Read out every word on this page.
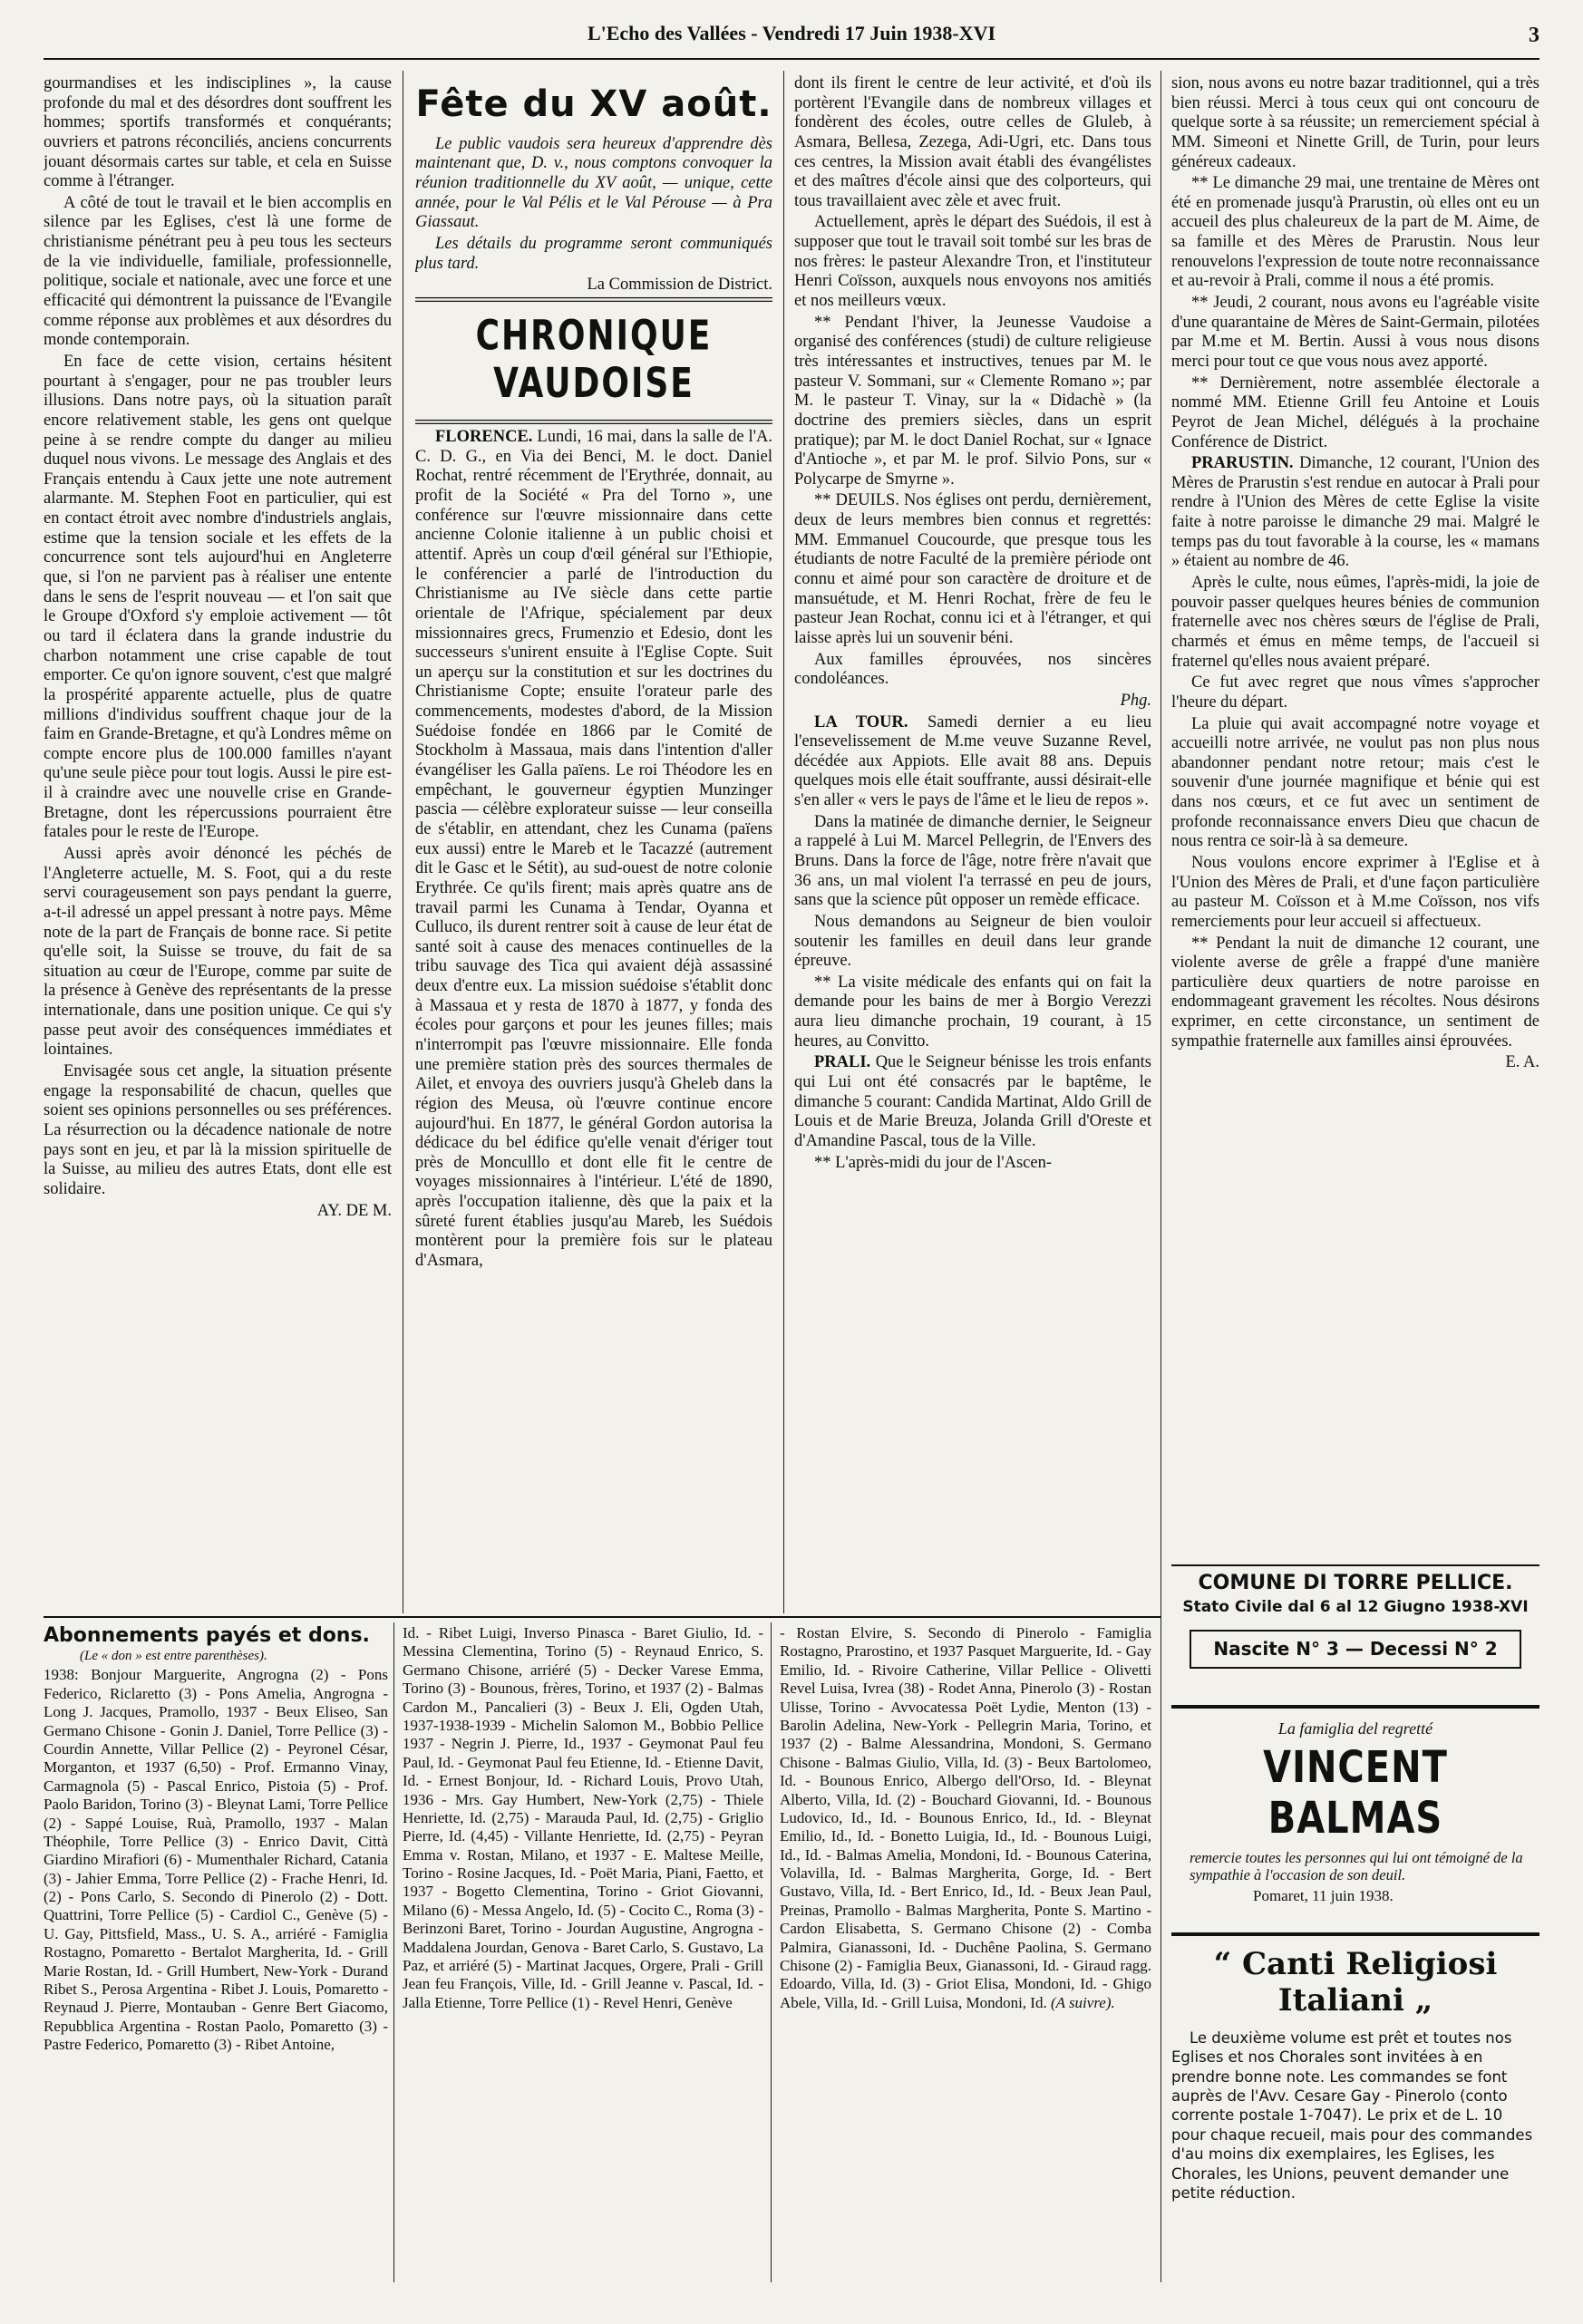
L'Echo des Vallées - Vendredi 17 Juin 1938-XVI	3

gourmandises et les indisciplines », la cause profonde du mal et des désordres dont souffrent les hommes; sportifs transformés et conquérants; ouvriers et patrons réconciliés, anciens concurrents jouant désormais cartes sur table, et cela en Suisse comme à l'étranger.

A côté de tout le travail et le bien accomplis en silence par les Eglises, c'est là une forme de christianisme pénétrant peu à peu tous les secteurs de la vie individuelle, familiale, professionnelle, politique, sociale et nationale, avec une force et une efficacité qui démontrent la puissance de l'Evangile comme réponse aux problèmes et aux désordres du monde contemporain.

En face de cette vision, certains hésitent pourtant à s'engager, pour ne pas troubler leurs illusions. Dans notre pays, où la situation paraît encore relativement stable, les gens ont quelque peine à se rendre compte du danger au milieu duquel nous vivons. Le message des Anglais et des Français entendu à Caux jette une note autrement alarmante. M. Stephen Foot en particulier, qui est en contact étroit avec nombre d'industriels anglais, estime que la tension sociale et les effets de la concurrence sont tels aujourd'hui en Angleterre que, si l'on ne parvient pas à réaliser une entente dans le sens de l'esprit nouveau — et l'on sait que le Groupe d'Oxford s'y emploie activement — tôt ou tard il éclatera dans la grande industrie du charbon notamment une crise capable de tout emporter. Ce qu'on ignore souvent, c'est que malgré la prospérité apparente actuelle, plus de quatre millions d'individus souffrent chaque jour de la faim en Grande-Bretagne, et qu'à Londres même on compte encore plus de 100.000 familles n'ayant qu'une seule pièce pour tout logis. Aussi le pire est-il à craindre avec une nouvelle crise en Grande-Bretagne, dont les répercussions pourraient être fatales pour le reste de l'Europe.

Aussi après avoir dénoncé les péchés de l'Angleterre actuelle, M. S. Foot, qui a du reste servi courageusement son pays pendant la guerre, a-t-il adressé un appel pressant à notre pays. Même note de la part de Français de bonne race. Si petite qu'elle soit, la Suisse se trouve, du fait de sa situation au cœur de l'Europe, comme par suite de la présence à Genève des représentants de la presse internationale, dans une position unique. Ce qui s'y passe peut avoir des conséquences immédiates et lointaines.

Envisagée sous cet angle, la situation présente engage la responsabilité de chacun, quelles que soient ses opinions personnelles ou ses préférences. La résurrection ou la décadence nationale de notre pays sont en jeu, et par là la mission spirituelle de la Suisse, au milieu des autres Etats, dont elle est solidaire.

AY. DE M.

Fête du XV août.

Le public vaudois sera heureux d'apprendre dès maintenant que, D. v., nous comptons convoquer la réunion traditionnelle du XV août, — unique, cette année, pour le Val Pélis et le Val Pérouse — à Pra Giassaut.

Les détails du programme seront communiqués plus tard.

La Commission de District.

CHRONIQUE VAUDOISE

FLORENCE. Lundi, 16 mai, dans la salle de l'A. C. D. G., en Via dei Benci, M. le doct. Daniel Rochat, rentré récemment de l'Erythrée, donnait, au profit de la Société « Pra del Torno », une conférence sur l'œuvre missionnaire dans cette ancienne Colonie italienne à un public choisi et attentif. Après un coup d'œil général sur l'Ethiopie, le conférencier a parlé de l'introduction du Christianisme au IVe siècle dans cette partie orientale de l'Afrique, spécialement par deux missionnaires grecs, Frumenzio et Edesio, dont les successeurs s'unirent ensuite à l'Eglise Copte. Suit un aperçu sur la constitution et sur les doctrines du Christianisme Copte; ensuite l'orateur parle des commencements, modestes d'abord, de la Mission Suédoise fondée en 1866 par le Comité de Stockholm à Massaua, mais dans l'intention d'aller évangéliser les Galla païens. Le roi Théodore les en empêchant, le gouverneur égyptien Munzinger pascia — célèbre explorateur suisse — leur conseilla de s'établir, en attendant, chez les Cunama (païens eux aussi) entre le Mareb et le Tacazzé (autrement dit le Gasc et le Sétit), au sud-ouest de notre colonie Erythrée. Ce qu'ils firent; mais après quatre ans de travail parmi les Cunama à Tendar, Oyanna et Culluco, ils durent rentrer soit à cause de leur état de santé soit à cause des menaces continuelles de la tribu sauvage des Tica qui avaient déjà assassiné deux d'entre eux. La mission suédoise s'établit donc à Massaua et y resta de 1870 à 1877, y fonda des écoles pour garçons et pour les jeunes filles; mais n'interrompit pas l'œuvre missionnaire. Elle fonda une première station près des sources thermales de Ailet, et envoya des ouvriers jusqu'à Gheleb dans la région des Meusa, où l'œuvre continue encore aujourd'hui. En 1877, le général Gordon autorisa la dédicace du bel édifice qu'elle venait d'ériger tout près de Monculllo et dont elle fit le centre de voyages missionnaires à l'intérieur. L'été de 1890, après l'occupation italienne, dès que la paix et la sûreté furent établies jusqu'au Mareb, les Suédois montèrent pour la première fois sur le plateau d'Asmara,

dont ils firent le centre de leur activité, et d'où ils portèrent l'Evangile dans de nombreux villages et fondèrent des écoles, outre celles de Gluleb, à Asmara, Bellesa, Zezega, Adi-Ugri, etc. Dans tous ces centres, la Mission avait établi des évangélistes et des maîtres d'école ainsi que des colporteurs, qui tous travaillaient avec zèle et avec fruit.

Actuellement, après le départ des Suédois, il est à supposer que tout le travail soit tombé sur les bras de nos frères: le pasteur Alexandre Tron, et l'instituteur Henri Coïsson, auxquels nous envoyons nos amitiés et nos meilleurs vœux.

** Pendant l'hiver, la Jeunesse Vaudoise a organisé des conférences (studi) de culture religieuse très intéressantes et instructives, tenues par M. le pasteur V. Sommani, sur « Clemente Romano »; par M. le pasteur T. Vinay, sur la « Didachè » (la doctrine des premiers siècles, dans un esprit pratique); par M. le doct Daniel Rochat, sur « Ignace d'Antioche », et par M. le prof. Silvio Pons, sur « Polycarpe de Smyrne ».

** DEUILS. Nos églises ont perdu, dernièrement, deux de leurs membres bien connus et regrettés: MM. Emmanuel Coucourde, que presque tous les étudiants de notre Faculté de la première période ont connu et aimé pour son caractère de droiture et de mansuétude, et M. Henri Rochat, frère de feu le pasteur Jean Rochat, connu ici et à l'étranger, et qui laisse après lui un souvenir béni.

Aux familles éprouvées, nos sincères condoléances.

Phg.

LA TOUR. Samedi dernier a eu lieu l'ensevelissement de M.me veuve Suzanne Revel, décédée aux Appiots. Elle avait 88 ans. Depuis quelques mois elle était souffrante, aussi désirait-elle s'en aller « vers le pays de l'âme et le lieu de repos ».

Dans la matinée de dimanche dernier, le Seigneur a rappelé à Lui M. Marcel Pellegrin, de l'Envers des Bruns. Dans la force de l'âge, notre frère n'avait que 36 ans, un mal violent l'a terrassé en peu de jours, sans que la science pût opposer un remède efficace.

Nous demandons au Seigneur de bien vouloir soutenir les familles en deuil dans leur grande épreuve.

** La visite médicale des enfants qui on fait la demande pour les bains de mer à Borgio Verezzi aura lieu dimanche prochain, 19 courant, à 15 heures, au Convitto.

PRALI. Que le Seigneur bénisse les trois enfants qui Lui ont été consacrés par le baptême, le dimanche 5 courant: Candida Martinat, Aldo Grill de Louis et de Marie Breuza, Jolanda Grill d'Oreste et d'Amandine Pascal, tous de la Ville.

** L'après-midi du jour de l'Ascen-

sion, nous avons eu notre bazar traditionnel, qui a très bien réussi. Merci à tous ceux qui ont concouru de quelque sorte à sa réussite; un remerciement spécial à MM. Simeoni et Ninette Grill, de Turin, pour leurs généreux cadeaux.

** Le dimanche 29 mai, une trentaine de Mères ont été en promenade jusqu'à Prarustin, où elles ont eu un accueil des plus chaleureux de la part de M. Aime, de sa famille et des Mères de Prarustin. Nous leur renouvelons l'expression de toute notre reconnaissance et au-revoir à Prali, comme il nous a été promis.

** Jeudi, 2 courant, nous avons eu l'agréable visite d'une quarantaine de Mères de Saint-Germain, pilotées par M.me et M. Bertin. Aussi à vous nous disons merci pour tout ce que vous nous avez apporté.

** Dernièrement, notre assemblée électorale a nommé MM. Etienne Grill feu Antoine et Louis Peyrot de Jean Michel, délégués à la prochaine Conférence de District.

PRARUSTIN. Dimanche, 12 courant, l'Union des Mères de Prarustin s'est rendue en autocar à Prali pour rendre à l'Union des Mères de cette Eglise la visite faite à notre paroisse le dimanche 29 mai. Malgré le temps pas du tout favorable à la course, les « mamans » étaient au nombre de 46.

Après le culte, nous eûmes, l'après-midi, la joie de pouvoir passer quelques heures bénies de communion fraternelle avec nos chères sœurs de l'église de Prali, charmés et émus en même temps, de l'accueil si fraternel qu'elles nous avaient préparé.

Ce fut avec regret que nous vîmes s'approcher l'heure du départ.

La pluie qui avait accompagné notre voyage et accueilli notre arrivée, ne voulut pas non plus nous abandonner pendant notre retour; mais c'est le souvenir d'une journée magnifique et bénie qui est dans nos cœurs, et ce fut avec un sentiment de profonde reconnaissance envers Dieu que chacun de nous rentra ce soir-là à sa demeure.

Nous voulons encore exprimer à l'Eglise et à l'Union des Mères de Prali, et d'une façon particulière au pasteur M. Coïsson et à M.me Coïsson, nos vifs remerciements pour leur accueil si affectueux.

** Pendant la nuit de dimanche 12 courant, une violente averse de grêle a frappé d'une manière particulière deux quartiers de notre paroisse en endommageant gravement les récoltes. Nous désirons exprimer, en cette circonstance, un sentiment de sympathie fraternelle aux familles ainsi éprouvées.

E. A.

COMUNE DI TORRE PELLICE.
Stato Civile dal 6 al 12 Giugno 1938-XVI
Nascite N° 3 — Decessi N° 2
La famiglia del regretté
VINCENT BALMAS

remercie toutes les personnes qui lui ont témoigné de la sympathie à l'occasion de son deuil.

Pomaret, 11 juin 1938.
“ Canti Religiosi Italiani „

Le deuxième volume est prêt et toutes nos Eglises et nos Chorales sont invitées à en prendre bonne note. Les commandes se font auprès de l'Avv. Cesare Gay - Pinerolo (conto corrente postale 1-7047). Le prix et de L. 10 pour chaque recueil, mais pour des commandes d'au moins dix exemplaires, les Eglises, les Chorales, les Unions, peuvent demander une petite réduction.

Abonnements payés et dons.
(Le « don » est entre parenthèses).

1938: Bonjour Marguerite, Angrogna (2) - Pons Federico, Riclaretto (3) - Pons Amelia, Angrogna - Long J. Jacques, Pramollo, 1937 - Beux Eliseo, San Germano Chisone - Gonin J. Daniel, Torre Pellice (3) - Courdin Annette, Villar Pellice (2) - Peyronel César, Morganton, et 1937 (6,50) - Prof. Ermanno Vinay, Carmagnola (5) - Pascal Enrico, Pistoia (5) - Prof. Paolo Baridon, Torino (3) - Bleynat Lami, Torre Pellice (2) - Sappé Louise, Ruà, Pramollo, 1937 - Malan Théophile, Torre Pellice (3) - Enrico Davit, Città Giardino Mirafiori (6) - Mumenthaler Richard, Catania (3) - Jahier Emma, Torre Pellice (2) - Frache Henri, Id. (2) - Pons Carlo, S. Secondo di Pinerolo (2) - Dott. Quattrini, Torre Pellice (5) - Cardiol C., Genève (5) - U. Gay, Pittsfield, Mass., U. S. A., arriéré - Famiglia Rostagno, Pomaretto - Bertalot Margherita, Id. - Grill Marie Rostan, Id. - Grill Humbert, New-York - Durand Ribet S., Perosa Argentina - Ribet J. Louis, Pomaretto - Reynaud J. Pierre, Montauban - Genre Bert Giacomo, Repubblica Argentina - Rostan Paolo, Pomaretto (3) - Pastre Federico, Pomaretto (3) - Ribet Antoine,

Id. - Ribet Luigi, Inverso Pinasca - Baret Giulio, Id. - Messina Clementina, Torino (5) - Reynaud Enrico, S. Germano Chisone, arriéré (5) - Decker Varese Emma, Torino (3) - Bounous, frères, Torino, et 1937 (2) - Balmas Cardon M., Pancalieri (3) - Beux J. Eli, Ogden Utah, 1937-1938-1939 - Michelin Salomon M., Bobbio Pellice 1937 - Negrin J. Pierre, Id., 1937 - Geymonat Paul feu Paul, Id. - Geymonat Paul feu Etienne, Id. - Etienne Davit, Id. - Ernest Bonjour, Id. - Richard Louis, Provo Utah, 1936 - Mrs. Gay Humbert, New-York (2,75) - Thiele Henriette, Id. (2,75) - Marauda Paul, Id. (2,75) - Griglio Pierre, Id. (4,45) - Villante Henriette, Id. (2,75) - Peyran Emma v. Rostan, Milano, et 1937 - E. Maltese Meille, Torino - Rosine Jacques, Id. - Poët Maria, Piani, Faetto, et 1937 - Bogetto Clementina, Torino - Griot Giovanni, Milano (6) - Messa Angelo, Id. (5) - Cocito C., Roma (3) - Berinzoni Baret, Torino - Jourdan Augustine, Angrogna - Maddalena Jourdan, Genova - Baret Carlo, S. Gustavo, La Paz, et arriéré (5) - Martinat Jacques, Orgere, Prali - Grill Jean feu François, Ville, Id. - Grill Jeanne v. Pascal, Id. - Jalla Etienne, Torre Pellice (1) - Revel Henri, Genève

- Rostan Elvire, S. Secondo di Pinerolo - Famiglia Rostagno, Prarostino, et 1937 Pasquet Marguerite, Id. - Gay Emilio, Id. - Rivoire Catherine, Villar Pellice - Olivetti Revel Luisa, Ivrea (38) - Rodet Anna, Pinerolo (3) - Rostan Ulisse, Torino - Avvocatessa Poët Lydie, Menton (13) - Barolin Adelina, New-York - Pellegrin Maria, Torino, et 1937 (2) - Balme Alessandrina, Mondoni, S. Germano Chisone - Balmas Giulio, Villa, Id. (3) - Beux Bartolomeo, Id. - Bounous Enrico, Albergo dell'Orso, Id. - Bleynat Alberto, Villa, Id. (2) - Bouchard Giovanni, Id. - Bounous Ludovico, Id., Id. - Bounous Enrico, Id., Id. - Bleynat Emilio, Id., Id. - Bonetto Luigia, Id., Id. - Bounous Luigi, Id., Id. - Balmas Amelia, Mondoni, Id. - Bounous Caterina, Volavilla, Id. - Balmas Margherita, Gorge, Id. - Bert Gustavo, Villa, Id. - Bert Enrico, Id., Id. - Beux Jean Paul, Preinas, Pramollo - Balmas Margherita, Ponte S. Martino - Cardon Elisabetta, S. Germano Chisone (2) - Comba Palmira, Gianassoni, Id. - Duchêne Paolina, S. Germano Chisone (2) - Famiglia Beux, Gianassoni, Id. - Giraud ragg. Edoardo, Villa, Id. (3) - Griot Elisa, Mondoni, Id. - Ghigo Abele, Villa, Id. - Grill Luisa, Mondoni, Id. (A suivre).
